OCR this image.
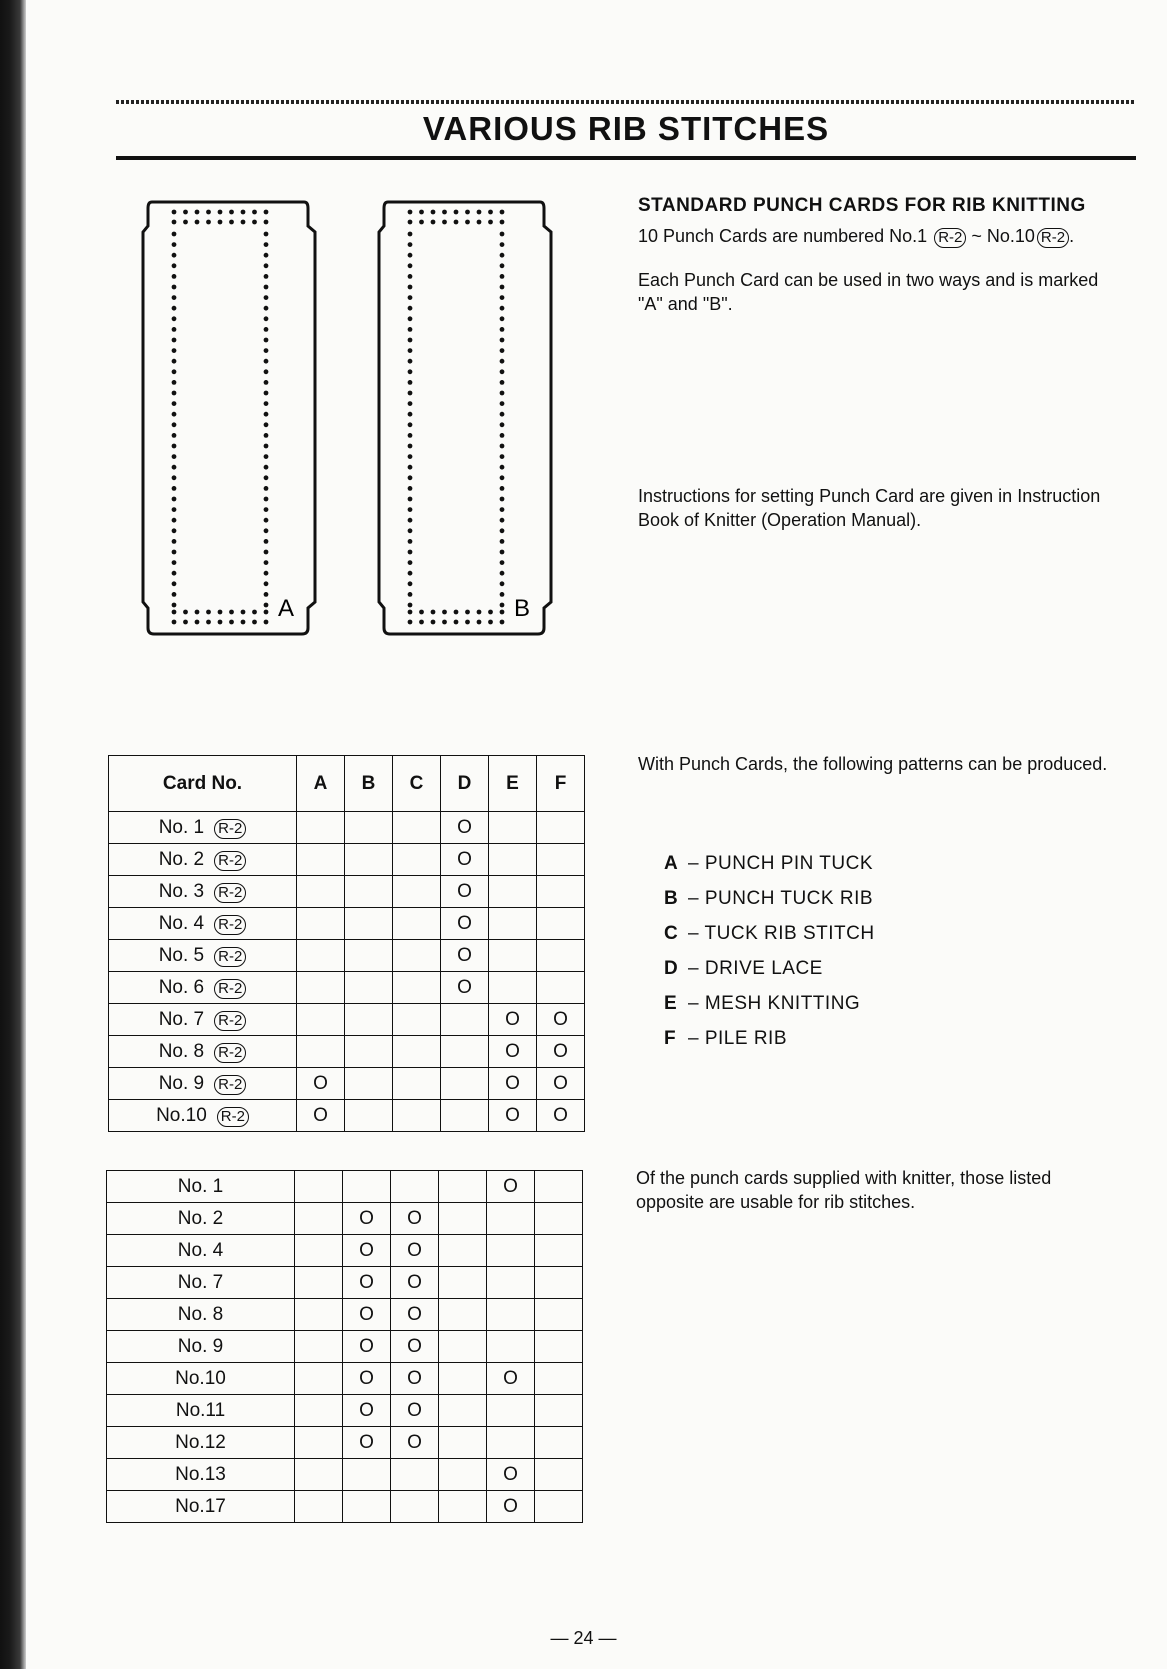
VARIOUS RIB STITCHES
A	B
STANDARD PUNCH CARDS FOR RIB KNITTING
10 Punch Cards are numbered No.1 R-2 ~ No.10 R-2 .
Each Punch Card can be used in two ways and is marked "A" and "B".
Instructions for setting Punch Card are given in Instruction Book of Knitter (Operation Manual).
With Punch Cards, the following patterns can be produced.
A – PUNCH PIN TUCK
B – PUNCH TUCK RIB
C – TUCK RIB STITCH
D – DRIVE LACE
E – MESH KNITTING
F – PILE RIB
Of the punch cards supplied with knitter, those listed opposite are usable for rib stitches.
Card No.	A	B	C	D	E	F
No. 1 R-2				O		
No. 2 R-2				O		
No. 3 R-2				O		
No. 4 R-2				O		
No. 5 R-2				O		
No. 6 R-2				O		
No. 7 R-2					O	O
No. 8 R-2					O	O
No. 9 R-2	O				O	O
No.10 R-2	O				O	O
No. 1					O	
No. 2		O	O			
No. 4		O	O			
No. 7		O	O			
No. 8		O	O			
No. 9		O	O			
No.10		O	O		O	
No.11		O	O			
No.12		O	O			
No.13					O	
No.17					O	
— 24 —
